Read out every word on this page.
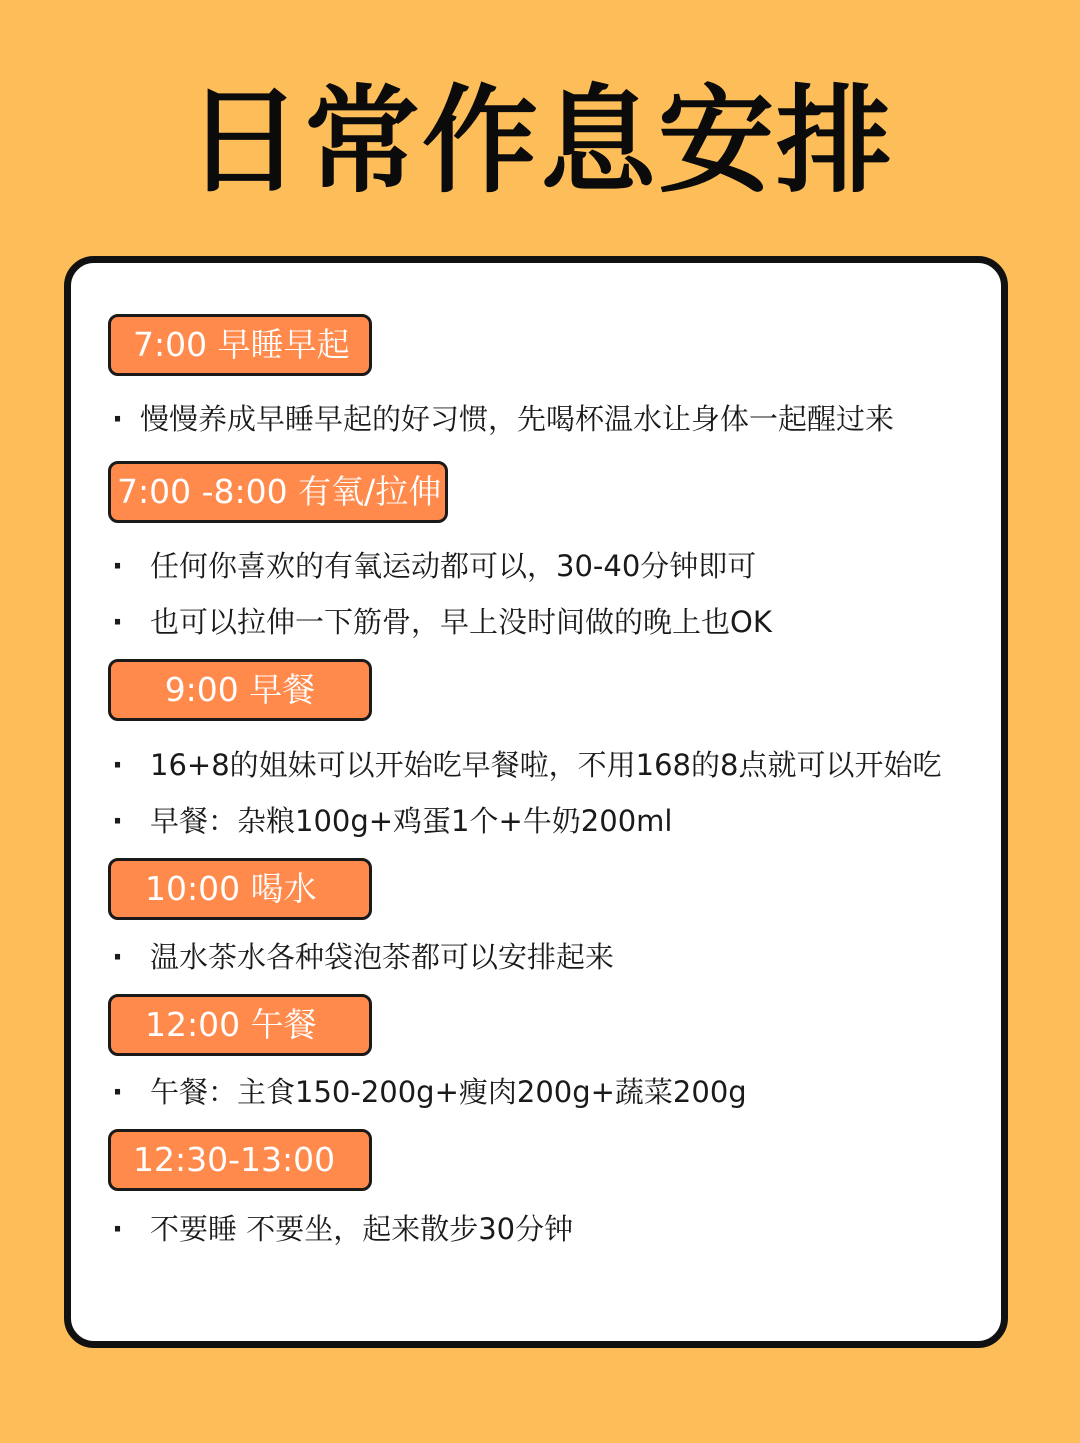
日常作息安排
7:00 早睡早起
· 慢慢养成早睡早起的好习惯，先喝杯温水让身体一起醒过来
7:00 -8:00 有氧/拉伸
· 任何你喜欢的有氧运动都可以，30-40分钟即可
· 也可以拉伸一下筋骨，早上没时间做的晚上也OK
9:00 早餐
· 16+8的姐妹可以开始吃早餐啦，不用168的8点就可以开始吃
· 早餐：杂粮100g+鸡蛋1个+牛奶200ml
10:00 喝水
· 温水茶水各种袋泡茶都可以安排起来
12:00 午餐
· 午餐：主食150-200g+瘦肉200g+蔬菜200g
12:30-13:00
· 不要睡 不要坐，起来散步30分钟
